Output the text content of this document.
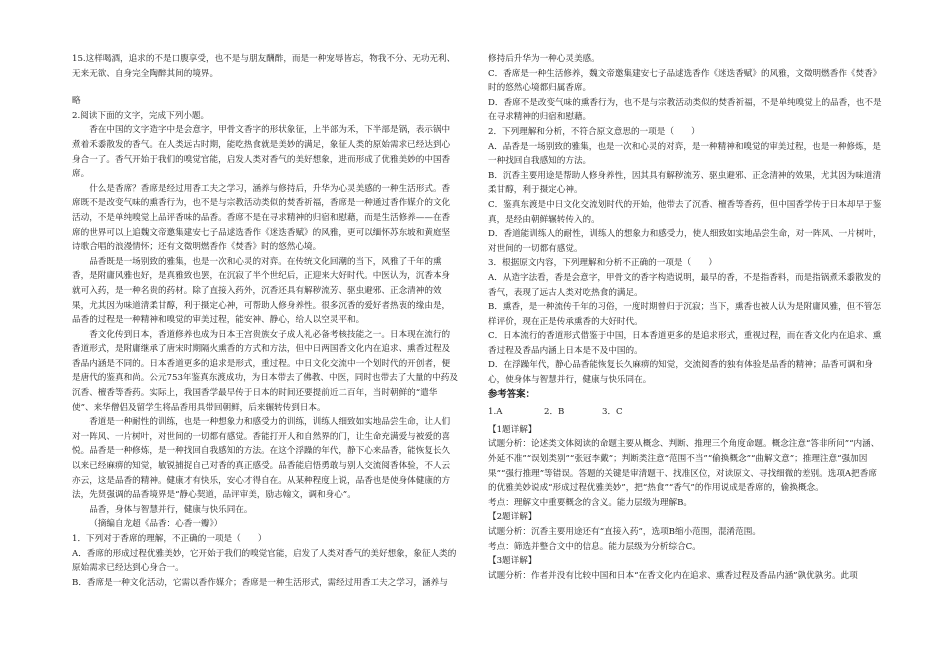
15.这样喝酒，追求的不是口腹享受，也不是与朋友酬酢，而是一种宠辱皆忘，物我不分、无功无利、无来无欲、自身完全陶醉其间的境界。

略

2.阅读下面的文字，完成下列小题。

香在中国的文字造字中是会意字，甲骨文香字的形状象征，上半部为禾，下半部是锅，表示锅中煮着禾黍散发的香气。在人类远古时期，能吃热食就是美妙的满足，象征人类的原始需求已经达到心身合一了。香气开始于我们的嗅觉官能，启发人类对香气的美好想象，进而形成了优雅美妙的中国香席。

什么是香席？香席是经过用香工夫之学习，涵养与修持后，升华为心灵美感的一种生活形式。香席既不是改变气味的熏香行为，也不是与宗教活动类似的焚香祈福，香席是一种通过香作媒介的文化活动，不是单纯嗅觉上品评香味的品香。香席不是在寻求精神的归宿和慰藉，而是生活修养——在香席的世界可以上追魏文帝邀集建安七子品逑选香作《迷迭香赋》的风雅，更可以缅怀苏东坡和黄庭坚诗歌合唱的浪漫情怀；还有文徵明燃香作《焚香》时的悠然心境。

品香既是一场别致的雅集，也是一次和心灵的对弈。在传统文化回潮的当下，风雅了千年的熏香，是附庸风雅也好，是真雅致也罢，在沉寂了半个世纪后，正迎来大好时代。中医认为，沉香本身就可入药，是一种名贵的药材。除了直接入药外，沉香还具有解秽流芳、驱虫避邪、正念清神的效果，尤其因为味道清柔甘醇，利于摄定心神，可帮助人修身养性。很多沉香的爱好者热衷的缘由是，品香的过程是一种精神和嗅觉的审美过程，能安神、静心，给人以空灵平和。

香文化传到日本，香道修养也成为日本王宫贵族女子成人礼必备考核技能之一。日本现在流行的香道形式，是附庸继承了唐宋时期隔火熏香的方式和方法，但中日两国香文化内在追求、熏香过程及香品内涵是不同的。日本香道更多的追求是形式，重过程。中日文化交流中一个划时代的开创者，便是唐代的鉴真和尚。公元753年鉴真东渡成功，为日本带去了佛教、中医，同时也带去了大量的中药及沉香、檀香等香药。实际上，我国香学最早传于日本的时间还要提前近二百年，当时朝鲜的“遣华使”、来华僧侣及留学生将品香用具带回朝鲜，后来辗转传到日本。

香道是一种耐性的训练，也是一种想象力和感受力的训练，训练人细致如实地品尝生命，让人们对一阵风、一片树叶，对世间的一切都有感觉。香能打开人和自然界的门，让生命充满爱与被爱的喜悦。品香是一种修炼，是一种找回自我感知的方法。在这个浮躁的年代，静下心来品香，能恢复长久以来已经麻痹的知觉，敏锐捕捉自己对香的真正感受。品香能启悟勇敢与别人交流阅香体验，不人云亦云，这是品香的精神。健康才有快乐，安心才得自在。从某种程度上说，品香也是使身体健康的方法，先贤强调的品香境界是“静心契道，品评审美，励志翰文，调和身心”。

品香，身体与智慧并行，健康与快乐同在。

（摘编自龙超《品香：心香一瓣》）

1．下列对于香席的理解，不正确的一项是（　　）

A．香席的形成过程优雅美妙，它开始于我们的嗅觉官能，启发了人类对香气的美好想象，象征人类的原始需求已经达到心身合一。

B．香席是一种文化活动，它需以香作媒介；香席是一种生活形式，需经过用香工夫之学习，涵养与

修持后升华为一种心灵美感。

C．香席是一种生活修养，魏文帝邀集建安七子品逑选香作《迷迭香赋》的风雅，文徵明燃香作《焚香》时的悠然心境都归属香席。

D．香席不是改变气味的熏香行为，也不是与宗教活动类似的焚香祈福，不是单纯嗅觉上的品香，也不是在寻求精神的归宿和慰藉。

2．下列理解和分析，不符合原文意思的一项是（　　）

A．品香是一场别致的雅集，也是一次和心灵的对弈，是一种精神和嗅觉的审美过程，也是一种修炼，是一种找回自我感知的方法。

B．沉香主要用途是帮助人修身养性，因其具有解秽流芳、驱虫避邪、正念清神的效果，尤其因为味道清柔甘醇，利于摄定心神。

C．鉴真东渡是中日文化交流划时代的开始，他带去了沉香、檀香等香药，但中国香学传于日本却早于鉴真，是经由朝鲜辗转传入的。

D．香道能训练人的耐性，训练人的想象力和感受力，使人细致如实地品尝生命，对一阵风、一片树叶，对世间的一切都有感觉。

3．根据原文内容，下列理解和分析不正确的一项是（　　）

A．从造字法看，香是会意字，甲骨文的香字构造说明，最早的香，不是指香料，而是指锅煮禾黍散发的香气，表现了远古人类对吃热食的满足。

B．熏香，是一种流传千年的习俗，一度时期曾归于沉寂；当下，熏香也被人认为是附庸风雅，但不管怎样评价，现在正是传承熏香的大好时代。

C．日本流行的香道形式借鉴于中国，日本香道更多的是追求形式，重视过程，而在香文化内在追求、熏香过程及香品内涵上日本是不及中国的。

D．在浮躁年代，静心品香能恢复长久麻痹的知觉，交流阅香的独有体验是品香的精神；品香可调和身心，使身体与智慧并行，健康与快乐同在。

参考答案：

1.A	2．B	3．C

【1题详解】

试题分析：论述类文体阅读的命题主要从概念、判断、推理三个角度命题。概念注意“答非所问”“内涵、外延不准”“误划类别”“张冠李戴”；判断类注意“范围不当”“偷换概念”“曲解文意”；推理注意“强加因果”“强行推理”等错误。答题的关键是审清题干、找准区位，对读原文、寻找细微的差别。选项A把香席的优雅美妙说成“形成过程优雅美妙”，把“热食”“香气”的作用说成是香席的，偷换概念。

考点：理解文中重要概念的含义。能力层级为理解B。

【2题详解】

试题分析：沉香主要用途还有“直接入药”，选项B缩小范围，混淆范围。

考点：筛选并整合文中的信息。能力层级为分析综合C。

【3题详解】

试题分析：作者并没有比较中国和日本“在香文化内在追求、熏香过程及香品内涵”孰优孰劣。此项
